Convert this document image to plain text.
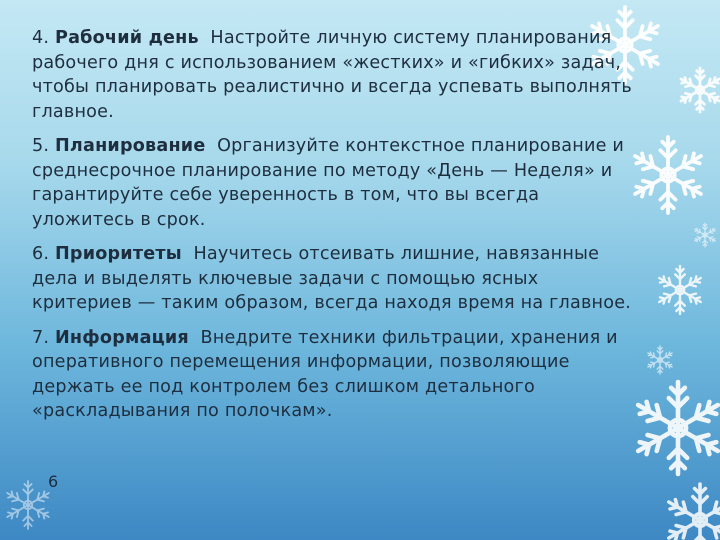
4. Рабочий день Настройте личную систему планирования рабочего дня с использованием «жестких» и «гибких» задач, чтобы планировать реалистично и всегда успевать выполнять главное.

5. Планирование Организуйте контекстное планирование и среднесрочное планирование по методу «День — Неделя» и гарантируйте себе уверенность в том, что вы всегда уложитесь в срок.

6. Приоритеты Научитесь отсеивать лишние, навязанные дела и выделять ключевые задачи с помощью ясных критериев — таким образом, всегда находя время на главное.

7. Информация Внедрите техники фильтрации, хранения и оперативного перемещения информации, позволяющие держать ее под контролем без слишком детального «раскладывания по полочкам».

6
